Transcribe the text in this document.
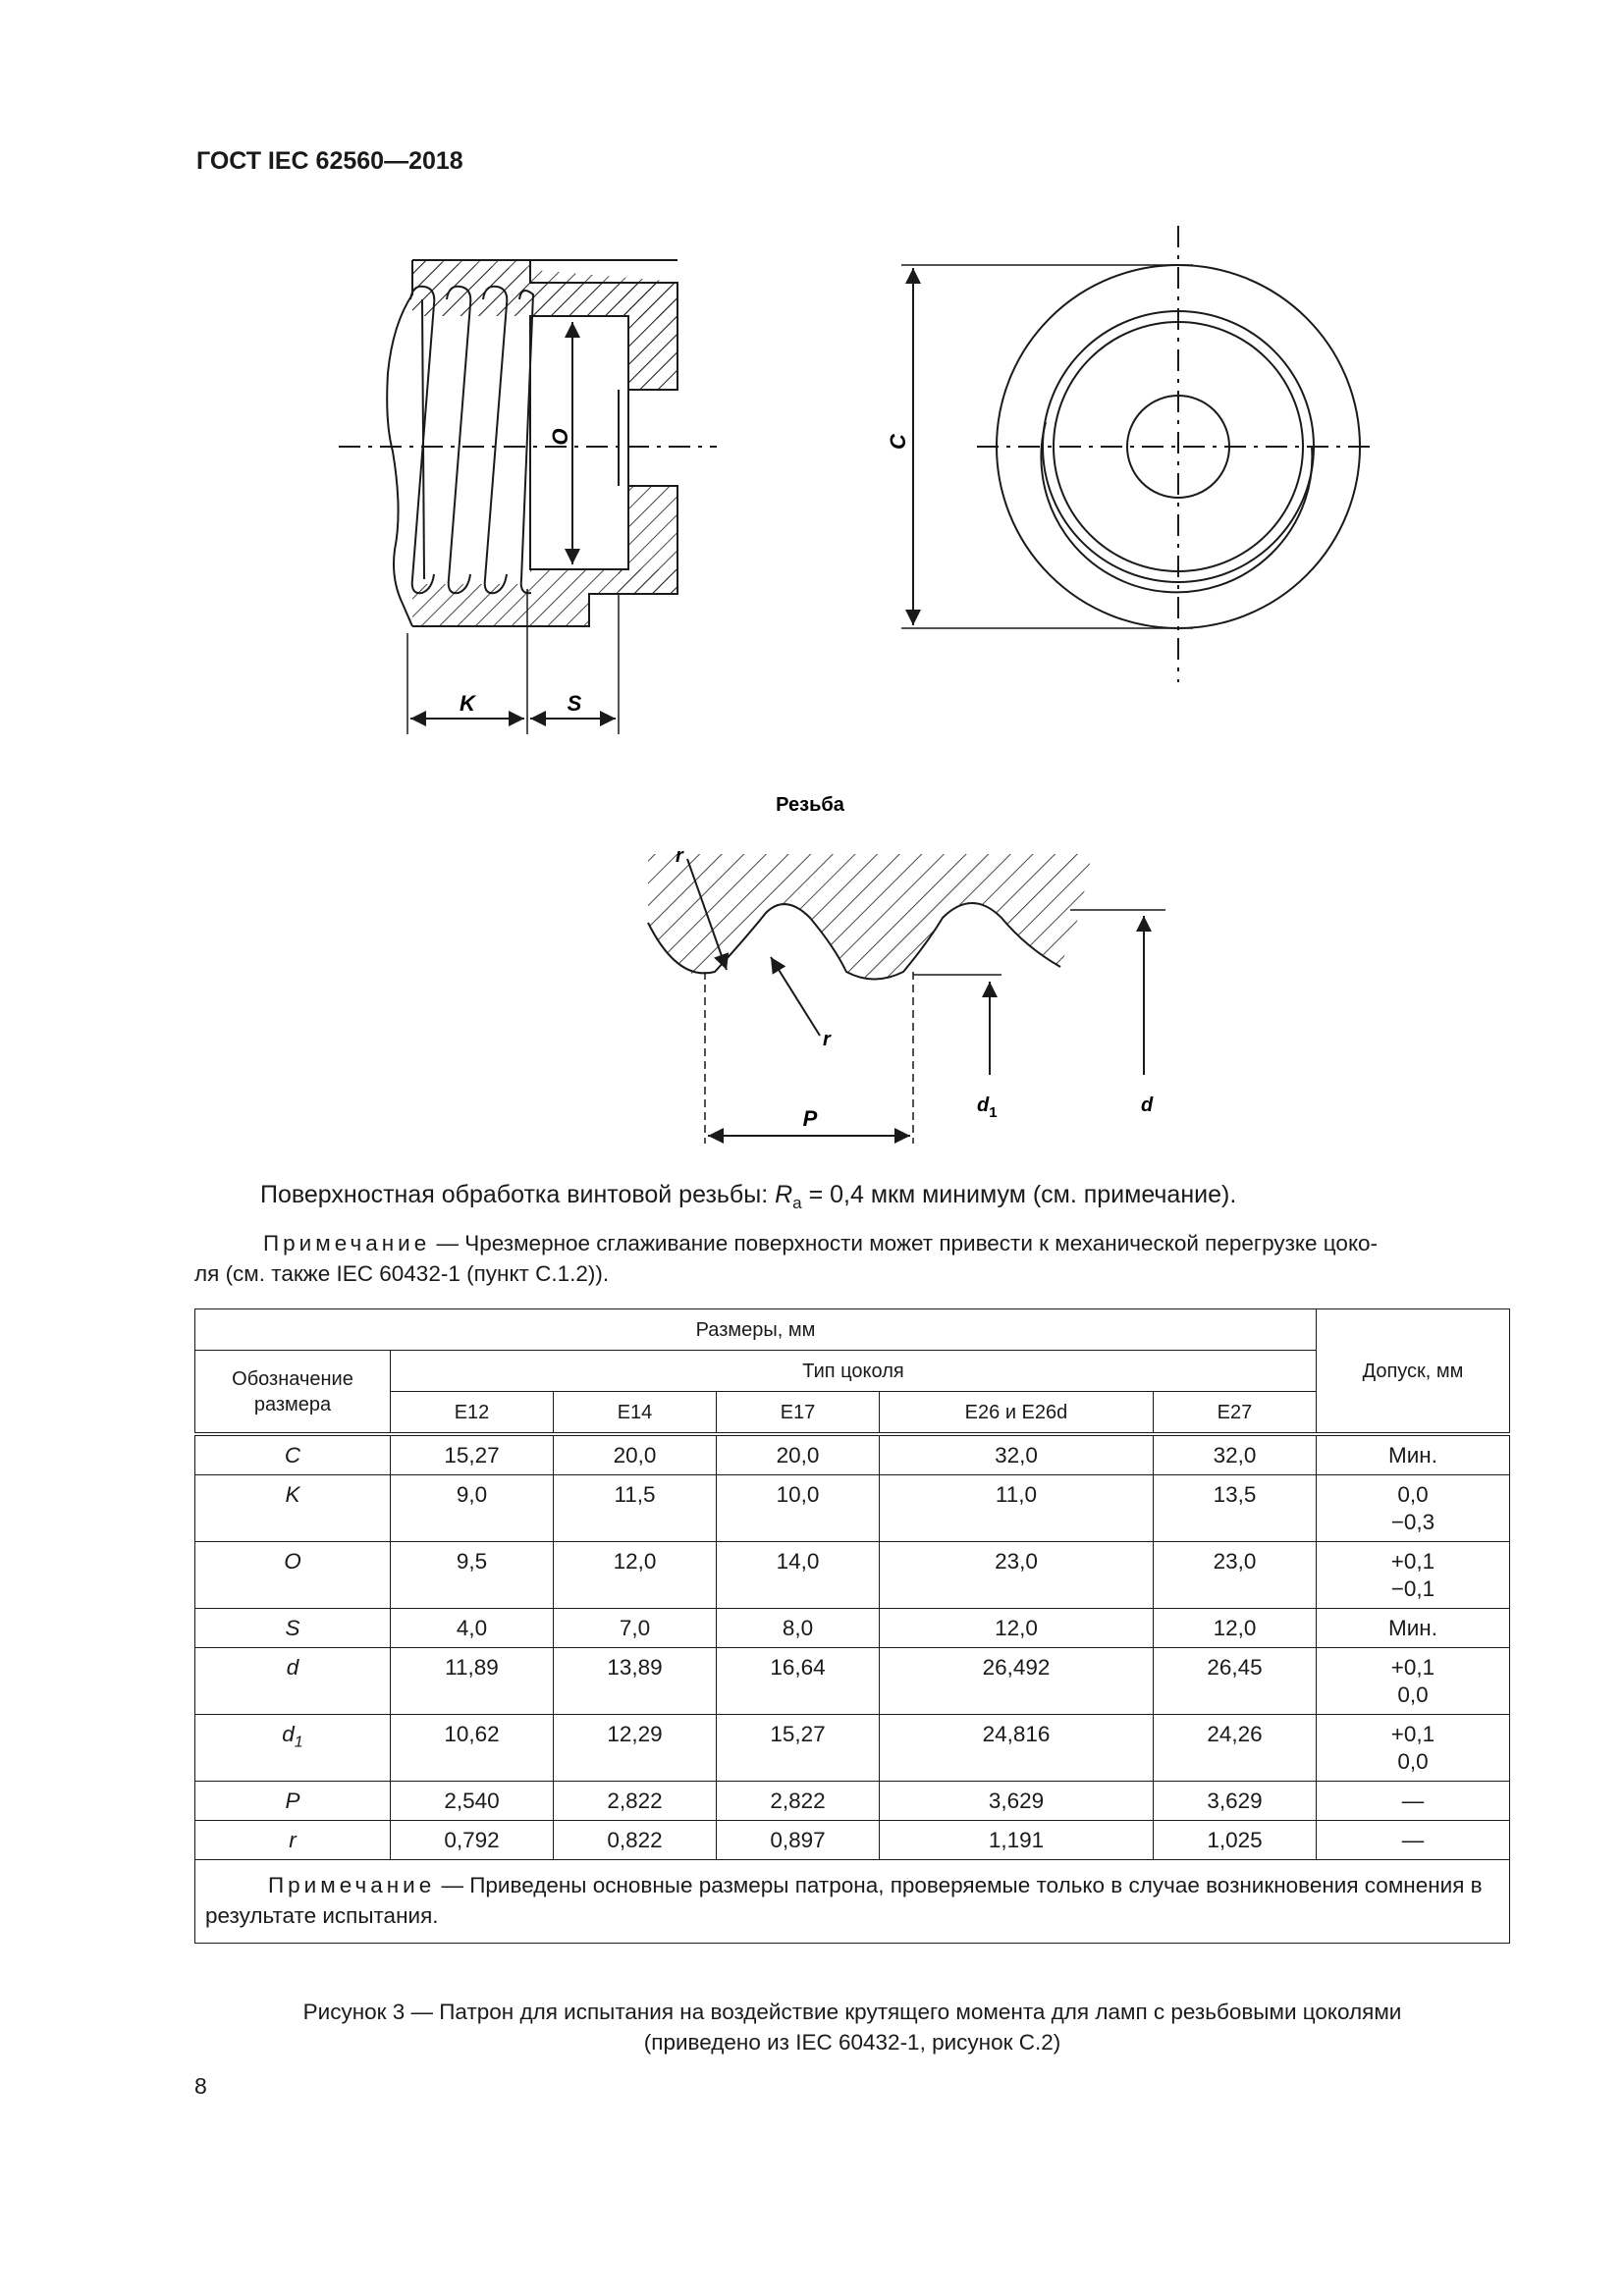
ГОСТ IEC 62560—2018
O
K	S
C
Резьба
r
r
P
$d_1$	d
Поверхностная обработка винтовой резьбы: $R_a = 0,4$ мкм минимум (см. примечание).
Примечание — Чрезмерное сглаживание поверхности может привести к механической перегрузке цоко-
ля (см. также IEC 60432-1 (пункт С.1.2)).
Размеры, мм						Допуск, мм
Обозначение размера	Тип цоколя					
	E12	E14	E17	E26 и E26d	E27	
C	15,27	20,0	20,0	32,0	32,0	Мин.

K	9,0	11,5	10,0	11,0	13,5	0,0
−0,3

O	9,5	12,0	14,0	23,0	23,0	+0,1
−0,1

S	4,0	7,0	8,0	12,0	12,0	Мин.

d	11,89	13,89	16,64	26,492	26,45	+0,1
0,0

$d_1$	10,62	12,29	15,27	24,816	24,26	+0,1
0,0

P	2,540	2,822	2,822	3,629	3,629	—

r	0,792	0,822	0,897	1,191	1,025	—

Примечание — Приведены основные размеры патрона, проверяемые только в случае возникновения сомнения в результате испытания.						
Рисунок 3 — Патрон для испытания на воздействие крутящего момента для ламп с резьбовыми цоколями
(приведено из IEC 60432-1, рисунок С.2)
8
